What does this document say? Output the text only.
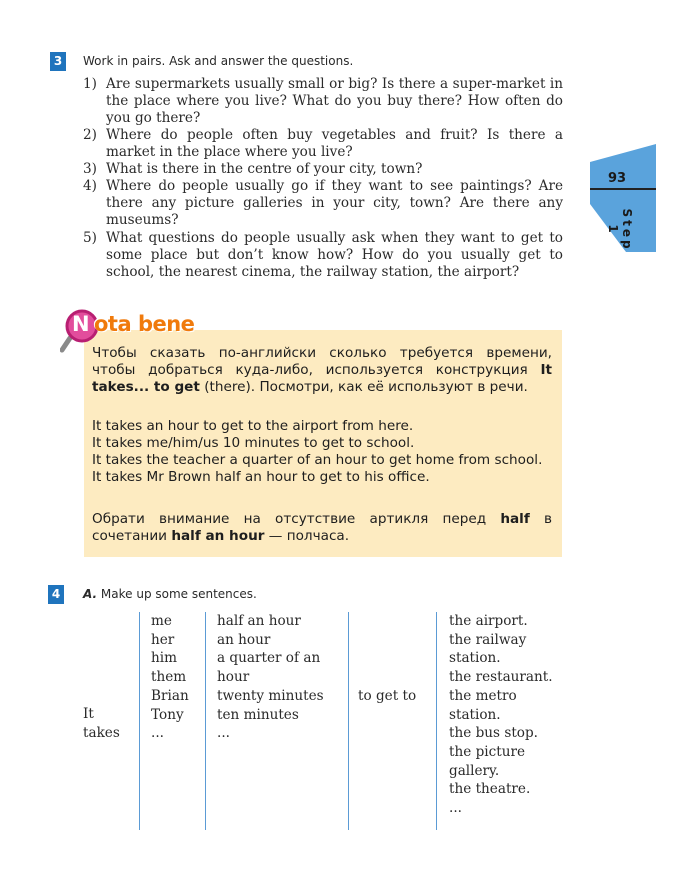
93
Step 1
3	Work in pairs. Ask and answer the questions.
1) Are supermarkets usually small or big? Is there a super-market in the place where you live? What do you buy there? How often do you go there?
2) Where do people often buy vegetables and fruit? Is there a market in the place where you live?
3) What is there in the centre of your city, town?
4) Where do people usually go if they want to see paintings? Are there any picture galleries in your city, town? Are there any museums?
5) What questions do people usually ask when they want to get to some place but don’t know how? How do you usually get to school, the nearest cinema, the railway station, the airport?
N ota bene
Чтобы сказать по-английски сколько требуется времени, чтобы добраться куда-либо, используется конструкция It takes... to get (there). Посмотри, как её используют в речи.
It takes an hour to get to the airport from here.
It takes me/him/us 10 minutes to get to school.
It takes the teacher a quarter of an hour to get home from school.
It takes Mr Brown half an hour to get to his office.
Обрати внимание на отсутствие артикля перед half в сочетании half an hour — полчаса.
4	A. Make up some sentences.
It
takes
me
her
him
them
Brian
Tony
...
half an hour
an hour
a quarter of an
hour
twenty minutes
ten minutes
...
to get to
the airport.
the railway
station.
the restaurant.
the metro
station.
the bus stop.
the picture
gallery.
the theatre.
...
